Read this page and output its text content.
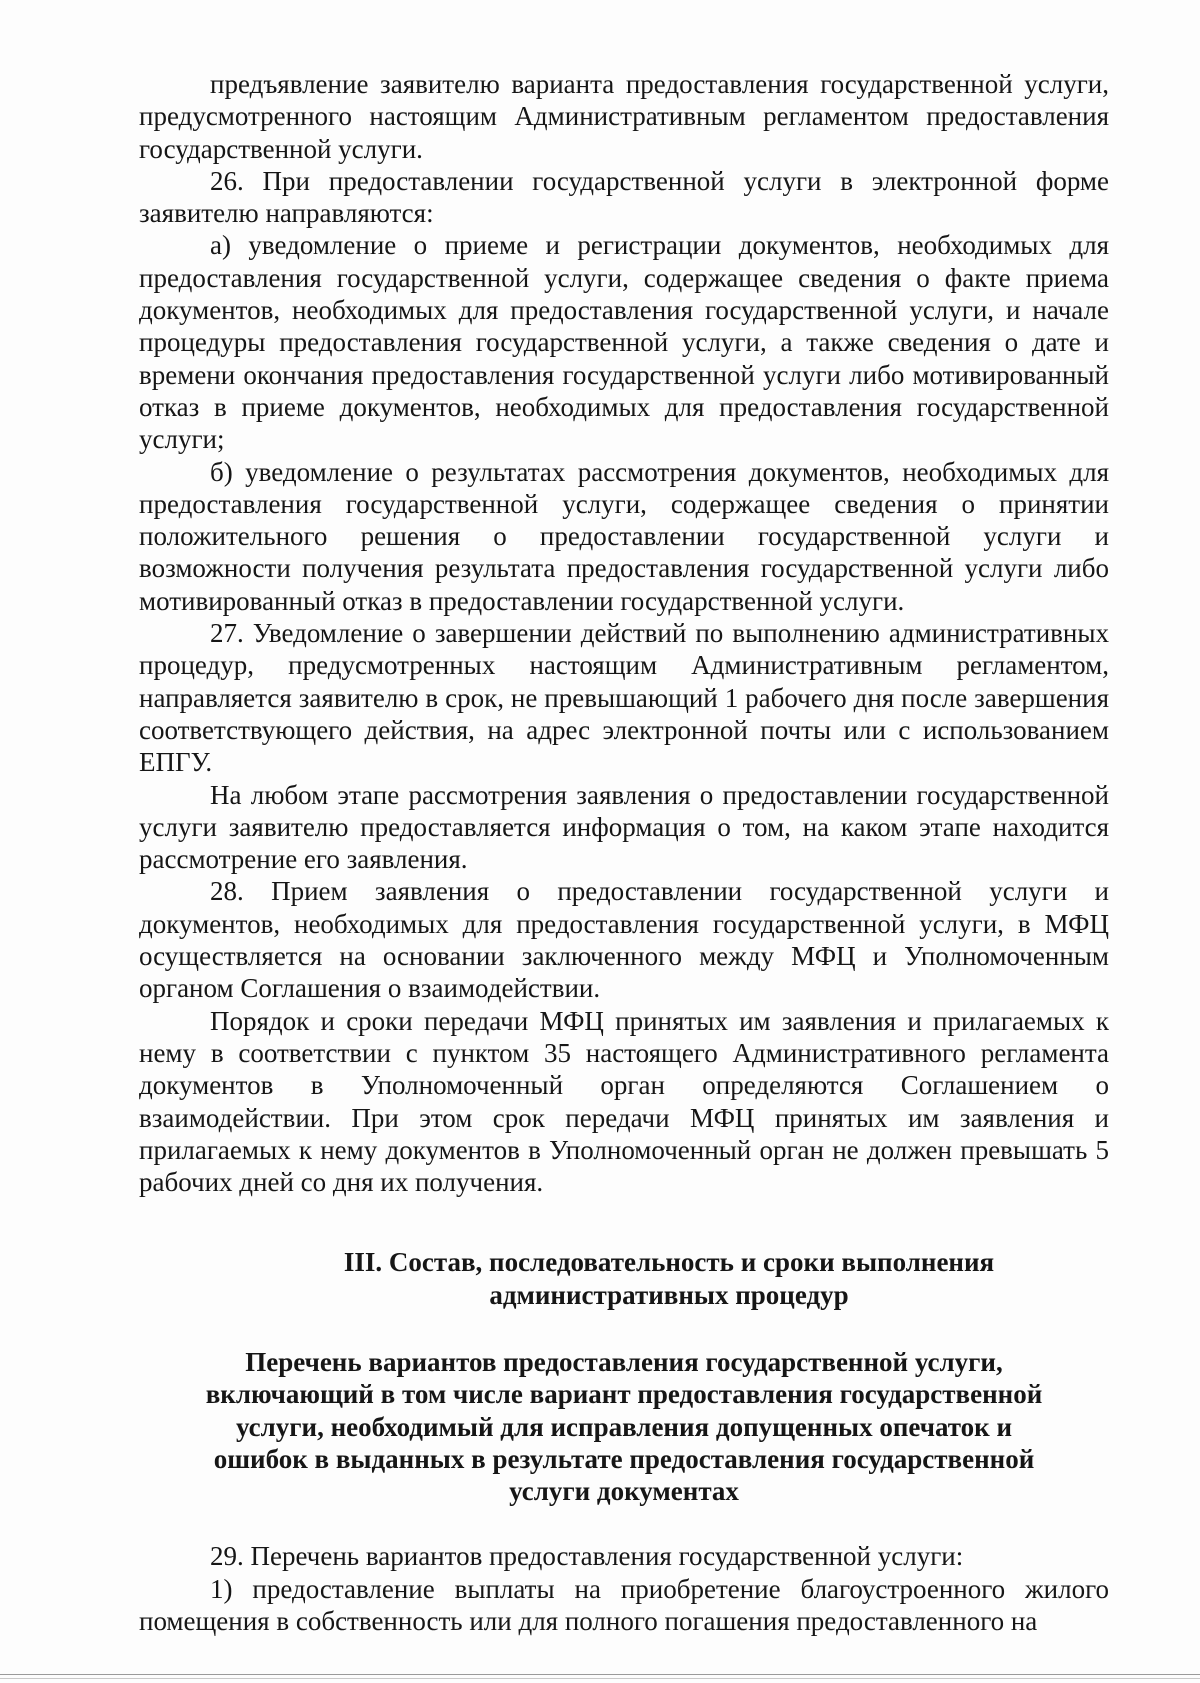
предъявление заявителю варианта предоставления государственной услуги, предусмотренного настоящим Административным регламентом предоставления государственной услуги.

26. При предоставлении государственной услуги в электронной форме заявителю направляются:

а) уведомление о приеме и регистрации документов, необходимых для предоставления государственной услуги, содержащее сведения о факте приема документов, необходимых для предоставления государственной услуги, и начале процедуры предоставления государственной услуги, а также сведения о дате и времени окончания предоставления государственной услуги либо мотивированный отказ в приеме документов, необходимых для предоставления государственной услуги;

б) уведомление о результатах рассмотрения документов, необходимых для предоставления государственной услуги, содержащее сведения о принятии положительного решения о предоставлении государственной услуги и возможности получения результата предоставления государственной услуги либо мотивированный отказ в предоставлении государственной услуги.

27. Уведомление о завершении действий по выполнению административных процедур, предусмотренных настоящим Административным регламентом, направляется заявителю в срок, не превышающий 1 рабочего дня после завершения соответствующего действия, на адрес электронной почты или с использованием ЕПГУ.

На любом этапе рассмотрения заявления о предоставлении государственной услуги заявителю предоставляется информация о том, на каком этапе находится рассмотрение его заявления.

28. Прием заявления о предоставлении государственной услуги и документов, необходимых для предоставления государственной услуги, в МФЦ осуществляется на основании заключенного между МФЦ и Уполномоченным органом Соглашения о взаимодействии.

Порядок и сроки передачи МФЦ принятых им заявления и прилагаемых к нему в соответствии с пунктом 35 настоящего Административного регламента документов в Уполномоченный орган определяются Соглашением о взаимодействии. При этом срок передачи МФЦ принятых им заявления и прилагаемых к нему документов в Уполномоченный орган не должен превышать 5 рабочих дней со дня их получения.

III. Состав, последовательность и сроки выполнения административных процедур

Перечень вариантов предоставления государственной услуги, включающий в том числе вариант предоставления государственной услуги, необходимый для исправления допущенных опечаток и ошибок в выданных в результате предоставления государственной услуги документах

29. Перечень вариантов предоставления государственной услуги:

1) предоставление выплаты на приобретение благоустроенного жилого помещения в собственность или для полного погашения предоставленного на
